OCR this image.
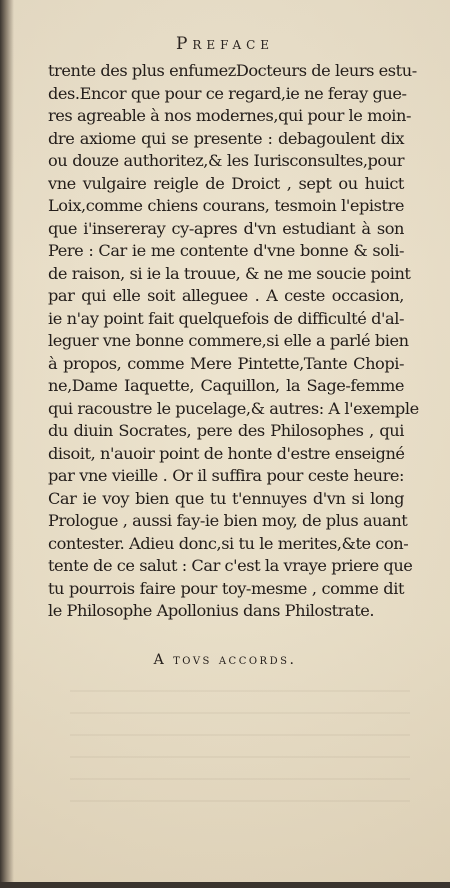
Preface
trente des plus enfumezDocteurs de leurs estu-
des.Encor que pour ce regard,ie ne feray gue-
res agreable à nos modernes,qui pour le moin-
dre axiome qui se presente : debagoulent dix
ou douze authoritez,& les Iurisconsultes,pour
vne vulgaire reigle de Droict , sept ou huict
Loix,comme chiens courans, tesmoin l'epistre
que i'insereray cy-apres d'vn estudiant à son
Pere : Car ie me contente d'vne bonne & soli-
de raison, si ie la trouue, & ne me soucie point
par qui elle soit alleguee . A ceste occasion,
ie n'ay point fait quelquefois de difficulté d'al-
leguer vne bonne commere,si elle a parlé bien
à propos, comme Mere Pintette,Tante Chopi-
ne,Dame Iaquette, Caquillon, la Sage-femme
qui racoustre le pucelage,& autres: A l'exemple
du diuin Socrates, pere des Philosophes , qui
disoit, n'auoir point de honte d'estre enseigné
par vne vieille . Or il suffira pour ceste heure:
Car ie voy bien que tu t'ennuyes d'vn si long
Prologue , aussi fay-ie bien moy, de plus auant
contester. Adieu donc,si tu le merites,&te con-
tente de ce salut : Car c'est la vraye priere que
tu pourrois faire pour toy-mesme , comme dit
le Philosophe Apollonius dans Philostrate.
A tovs accords.
